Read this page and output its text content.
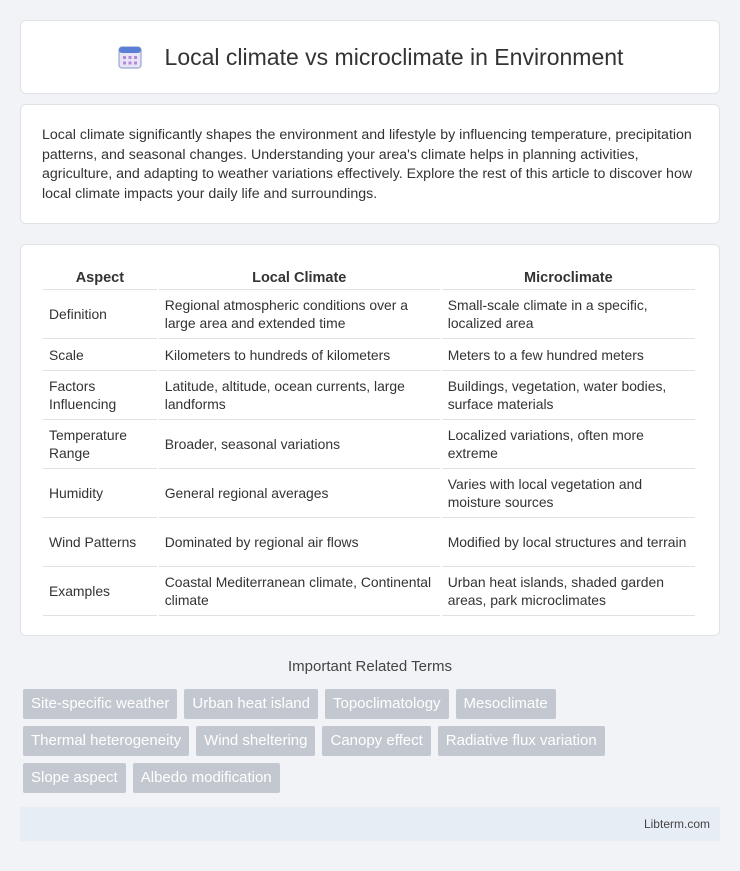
Local climate vs microclimate in Environment

Local climate significantly shapes the environment and lifestyle by influencing temperature, precipitation patterns, and seasonal changes. Understanding your area's climate helps in planning activities, agriculture, and adapting to weather variations effectively. Explore the rest of this article to discover how local climate impacts your daily life and surroundings.

Aspect	Local Climate	Microclimate
Definition	Regional atmospheric conditions over a large area and extended time	Small-scale climate in a specific, localized area
Scale	Kilometers to hundreds of kilometers	Meters to a few hundred meters
Factors Influencing	Latitude, altitude, ocean currents, large landforms	Buildings, vegetation, water bodies, surface materials
Temperature Range	Broader, seasonal variations	Localized variations, often more extreme
Humidity	General regional averages	Varies with local vegetation and moisture sources
Wind Patterns	Dominated by regional air flows	Modified by local structures and terrain
Examples	Coastal Mediterranean climate, Continental climate	Urban heat islands, shaded garden areas, park microclimates
Important Related Terms
Site-specific weather	Urban heat island	Topoclimatology	Mesoclimate
Thermal heterogeneity	Wind sheltering	Canopy effect	Radiative flux variation
Slope aspect	Albedo modification
Libterm.com
